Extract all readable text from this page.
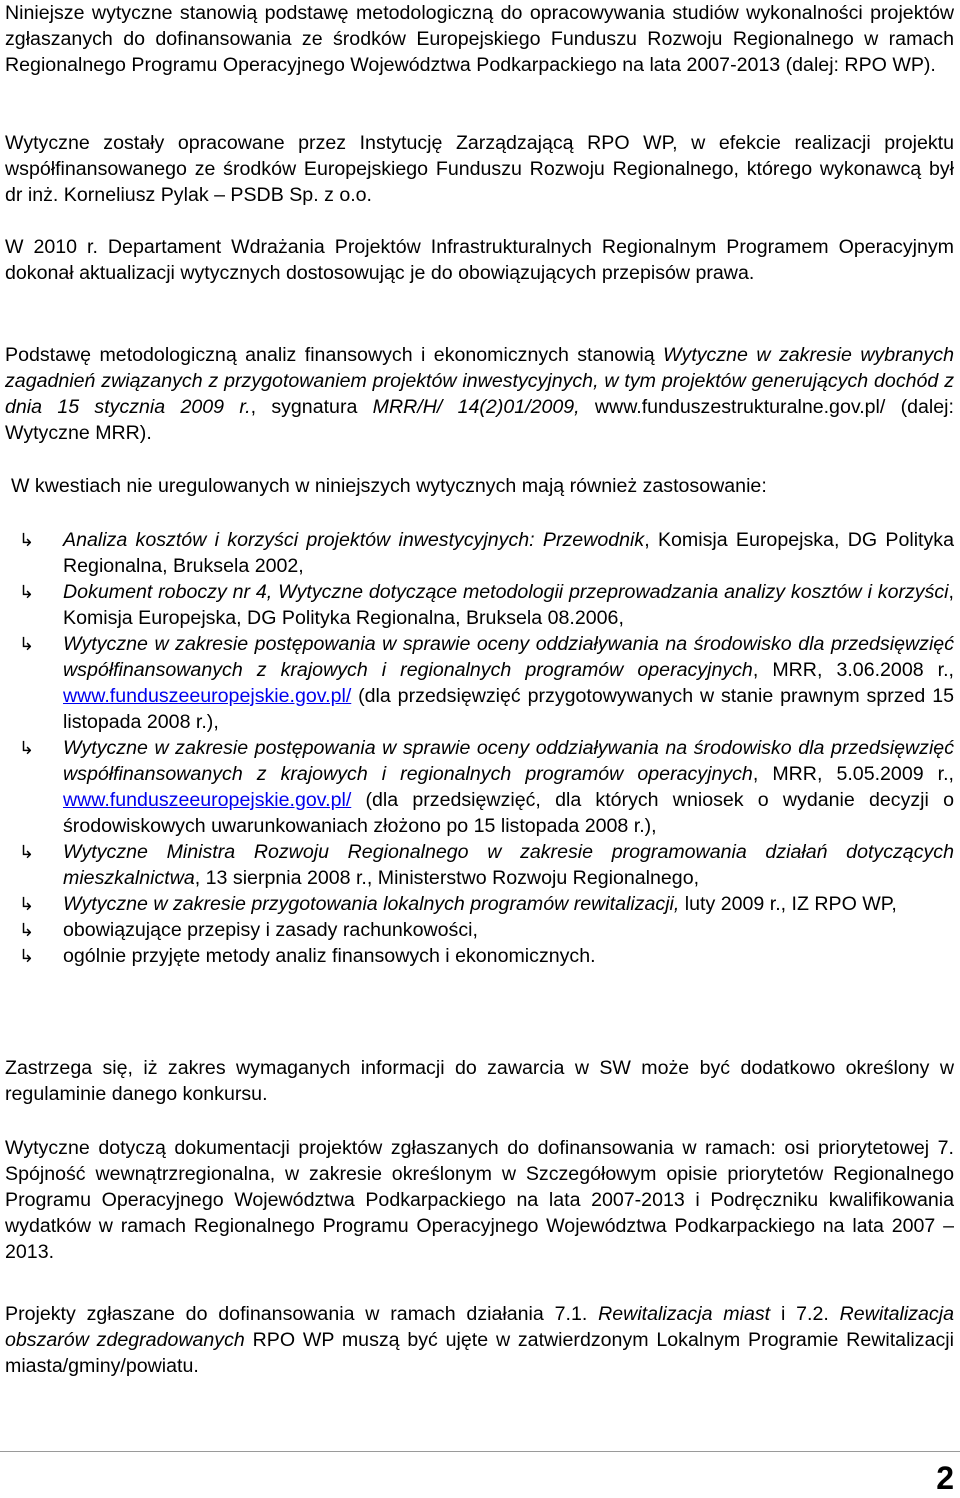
Niniejsze wytyczne stanowią podstawę metodologiczną do opracowywania studiów wykonalności projektów zgłaszanych do dofinansowania ze środków Europejskiego Funduszu Rozwoju Regionalnego w ramach Regionalnego Programu Operacyjnego Województwa Podkarpackiego na lata 2007-2013 (dalej: RPO WP).

Wytyczne zostały opracowane przez Instytucję Zarządzającą RPO WP, w efekcie realizacji projektu współfinansowanego ze środków Europejskiego Funduszu Rozwoju Regionalnego, którego wykonawcą był dr inż. Korneliusz Pylak – PSDB Sp. z o.o.

W 2010 r. Departament Wdrażania Projektów Infrastrukturalnych Regionalnym Programem Operacyjnym dokonał aktualizacji wytycznych dostosowując je do obowiązujących przepisów prawa.

Podstawę metodologiczną analiz finansowych i ekonomicznych stanowią Wytyczne w zakresie wybranych zagadnień związanych z przygotowaniem projektów inwestycyjnych, w tym projektów generujących dochód z dnia 15 stycznia 2009 r., sygnatura MRR/H/ 14(2)01/2009, www.funduszestrukturalne.gov.pl/ (dalej: Wytyczne MRR).

W kwestiach nie uregulowanych w niniejszych wytycznych mają również zastosowanie:

↳	Analiza kosztów i korzyści projektów inwestycyjnych: Przewodnik, Komisja Europejska, DG Polityka Regionalna, Bruksela 2002,
↳	Dokument roboczy nr 4, Wytyczne dotyczące metodologii przeprowadzania analizy kosztów i korzyści, Komisja Europejska, DG Polityka Regionalna, Bruksela 08.2006,
↳	Wytyczne w zakresie postępowania w sprawie oceny oddziaływania na środowisko dla przedsięwzięć współfinansowanych z krajowych i regionalnych programów operacyjnych, MRR, 3.06.2008 r., www.funduszeeuropejskie.gov.pl/ (dla przedsięwzięć przygotowywanych w stanie prawnym sprzed 15 listopada 2008 r.),
↳	Wytyczne w zakresie postępowania w sprawie oceny oddziaływania na środowisko dla przedsięwzięć współfinansowanych z krajowych i regionalnych programów operacyjnych, MRR, 5.05.2009 r., www.funduszeeuropejskie.gov.pl/ (dla przedsięwzięć, dla których wniosek o wydanie decyzji o środowiskowych uwarunkowaniach złożono po 15 listopada 2008 r.),
↳	Wytyczne Ministra Rozwoju Regionalnego w zakresie programowania działań dotyczących mieszkalnictwa, 13 sierpnia 2008 r., Ministerstwo Rozwoju Regionalnego,
↳	Wytyczne w zakresie przygotowania lokalnych programów rewitalizacji, luty 2009 r., IZ RPO WP,
↳	obowiązujące przepisy i zasady rachunkowości,
↳	ogólnie przyjęte metody analiz finansowych i ekonomicznych.

Zastrzega się, iż zakres wymaganych informacji do zawarcia w SW może być dodatkowo określony w regulaminie danego konkursu.

Wytyczne dotyczą dokumentacji projektów zgłaszanych do dofinansowania w ramach: osi priorytetowej 7. Spójność wewnątrzregionalna, w zakresie określonym w Szczegółowym opisie priorytetów Regionalnego Programu Operacyjnego Województwa Podkarpackiego na lata 2007-2013 i Podręczniku kwalifikowania wydatków w ramach Regionalnego Programu Operacyjnego Województwa Podkarpackiego na lata 2007 – 2013.

Projekty zgłaszane do dofinansowania w ramach działania 7.1. Rewitalizacja miast i 7.2. Rewitalizacja obszarów zdegradowanych RPO WP muszą być ujęte w zatwierdzonym Lokalnym Programie Rewitalizacji miasta/gminy/powiatu.

2
